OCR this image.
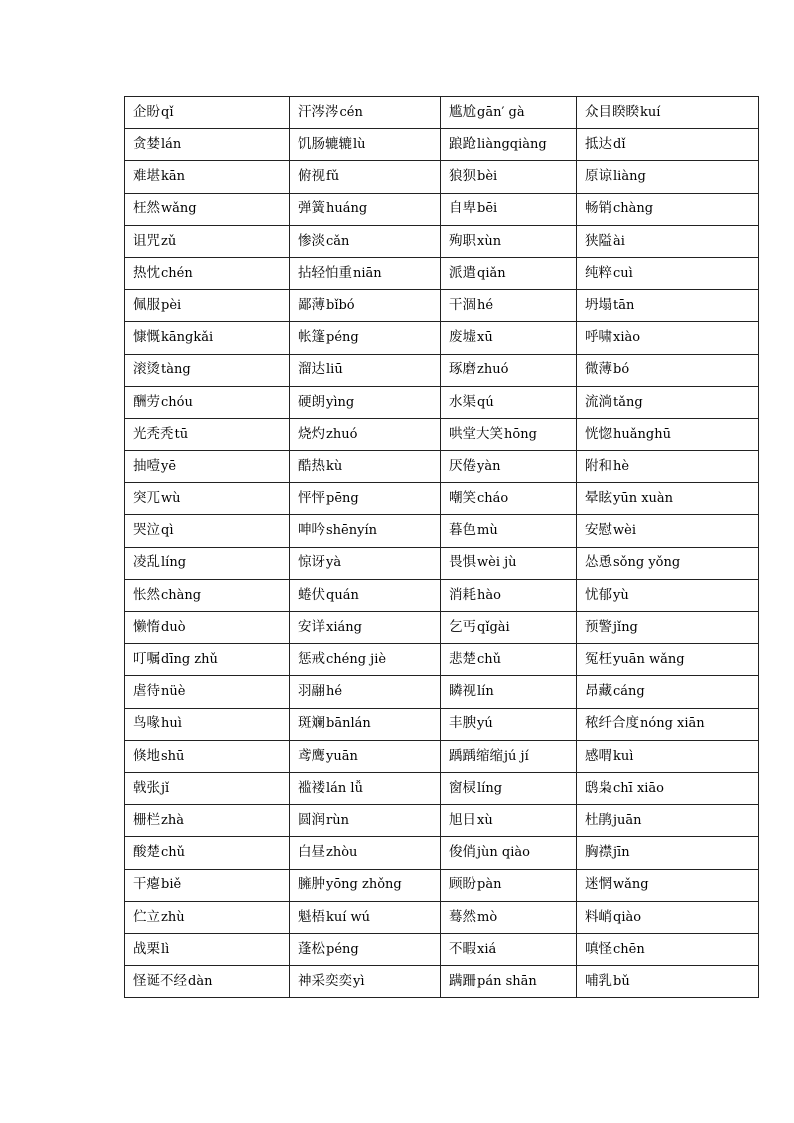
企盼qǐ	汗涔涔cén	尴尬gān′ gà	众目睽睽kuí
贪婪lán	饥肠辘辘lù	踉跄liàngqiàng	抵达dǐ
难堪kān	俯视fǔ	狼狈bèi	原谅liàng
枉然wǎng	弹簧huáng	自卑bēi	畅销chàng
诅咒zǔ	惨淡cǎn	殉职xùn	狭隘ài
热忱chén	拈轻怕重niān	派遣qiǎn	纯粹cuì
佩服pèi	鄙薄bǐbó	干涸hé	坍塌tān
慷慨kāngkǎi	帐篷péng	废墟xū	呼啸xiào
滚烫tàng	溜达liū	琢磨zhuó	微薄bó
酬劳chóu	硬朗yìng	水渠qú	流淌tǎng
光秃秃tū	烧灼zhuó	哄堂大笑hōng	恍惚huǎnghū
抽噎yē	酷热kù	厌倦yàn	附和hè
突兀wù	怦怦pēng	嘲笑cháo	晕眩yūn xuàn
哭泣qì	呻吟shēnyín	暮色mù	安慰wèi
凌乱líng	惊讶yà	畏惧wèi jù	怂恿sǒng yǒng
怅然chàng	蜷伏quán	消耗hào	忧郁yù
懒惰duò	安详xiáng	乞丐qǐgài	预警jǐng
叮嘱dīng zhǔ	惩戒chéng jiè	悲楚chǔ	冤枉yuān wǎng
虐待nüè	羽翮hé	瞵视lín	昂藏cáng
鸟喙huì	斑斓bānlán	丰腴yú	秾纤合度nóng xiān
倏地shū	鸢鹰yuān	踽踽缩缩jú jí	感喟kuì
戟张jǐ	褴褛lán lǚ	窗棂líng	鸱枭chī xiāo
栅栏zhà	圆润rùn	旭日xù	杜鹃juān
酸楚chǔ	白昼zhòu	俊俏jùn qiào	胸襟jīn
干瘪biě	臃肿yōng zhǒng	顾盼pàn	迷惘wǎng
伫立zhù	魁梧kuí wú	蓦然mò	料峭qiào
战栗lì	蓬松péng	不暇xiá	嗔怪chēn
怪诞不经dàn	神采奕奕yì	蹒跚pán shān	哺乳bǔ
